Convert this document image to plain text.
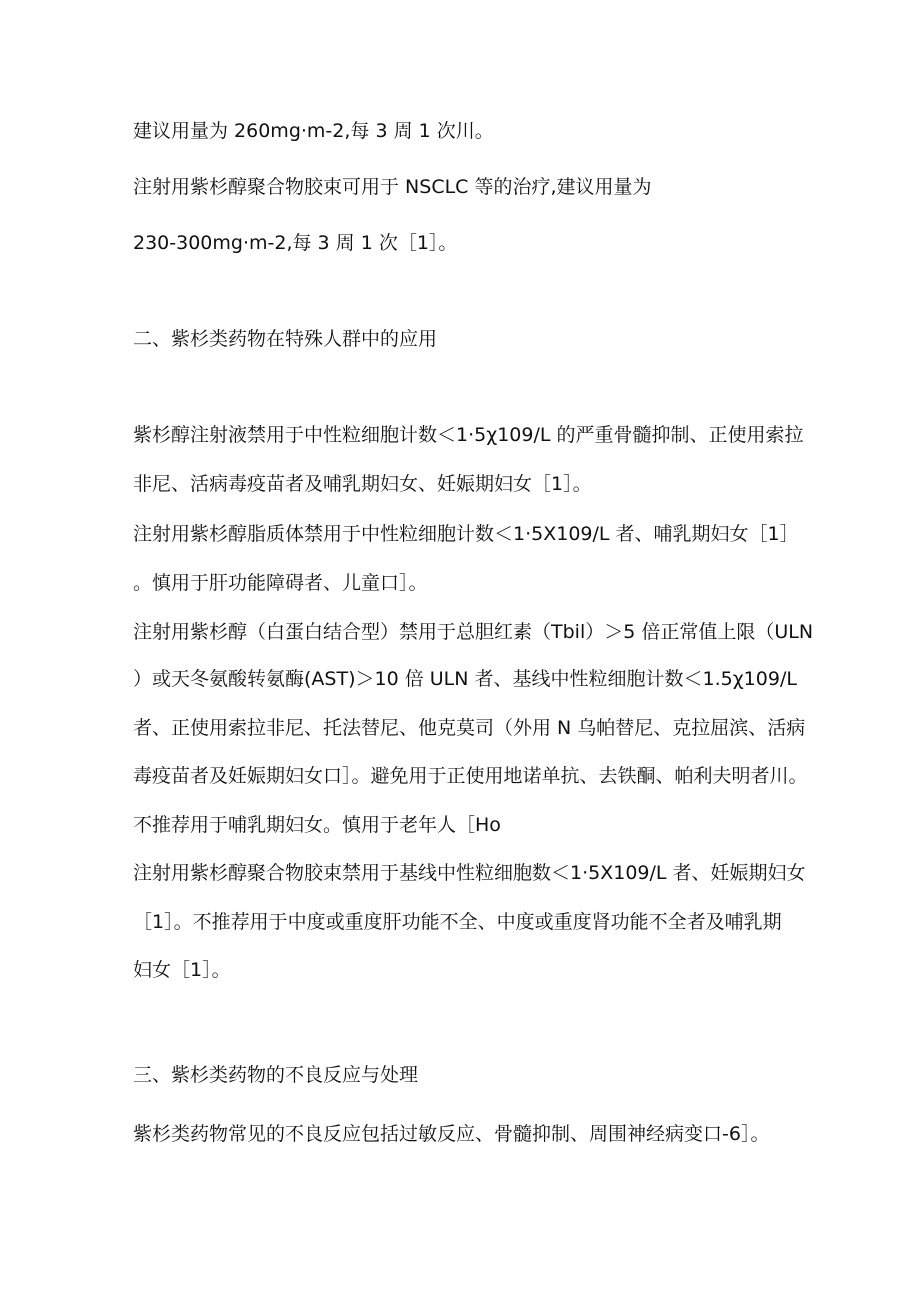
建议用量为 260mg·m-2,每 3 周 1 次川。
注射用紫杉醇聚合物胶束可用于 NSCLC 等的治疗,建议用量为
230-300mg·m-2,每 3 周 1 次［1］。
二、紫杉类药物在特殊人群中的应用
紫杉醇注射液禁用于中性粒细胞计数＜1·5χ109/L 的严重骨髓抑制、正使用索拉
非尼、活病毒疫苗者及哺乳期妇女、妊娠期妇女［1］。
注射用紫杉醇脂质体禁用于中性粒细胞计数＜1·5X109/L 者、哺乳期妇女［1］
。慎用于肝功能障碍者、儿童口］。
注射用紫杉醇（白蛋白结合型）禁用于总胆红素（Tbil）＞5 倍正常值上限（ULN
）或天冬氨酸转氨酶(AST)＞10 倍 ULN 者、基线中性粒细胞计数＜1.5χ109/L
者、正使用索拉非尼、托法替尼、他克莫司（外用 N 乌帕替尼、克拉屈滨、活病
毒疫苗者及妊娠期妇女口］。避免用于正使用地诺单抗、去铁酮、帕利夫明者川。
不推荐用于哺乳期妇女。慎用于老年人［Ho
注射用紫杉醇聚合物胶束禁用于基线中性粒细胞数＜1·5X109/L 者、妊娠期妇女
［1］。不推荐用于中度或重度肝功能不全、中度或重度肾功能不全者及哺乳期
妇女［1］。
三、紫杉类药物的不良反应与处理
紫杉类药物常见的不良反应包括过敏反应、骨髓抑制、周围神经病变口-6］。
